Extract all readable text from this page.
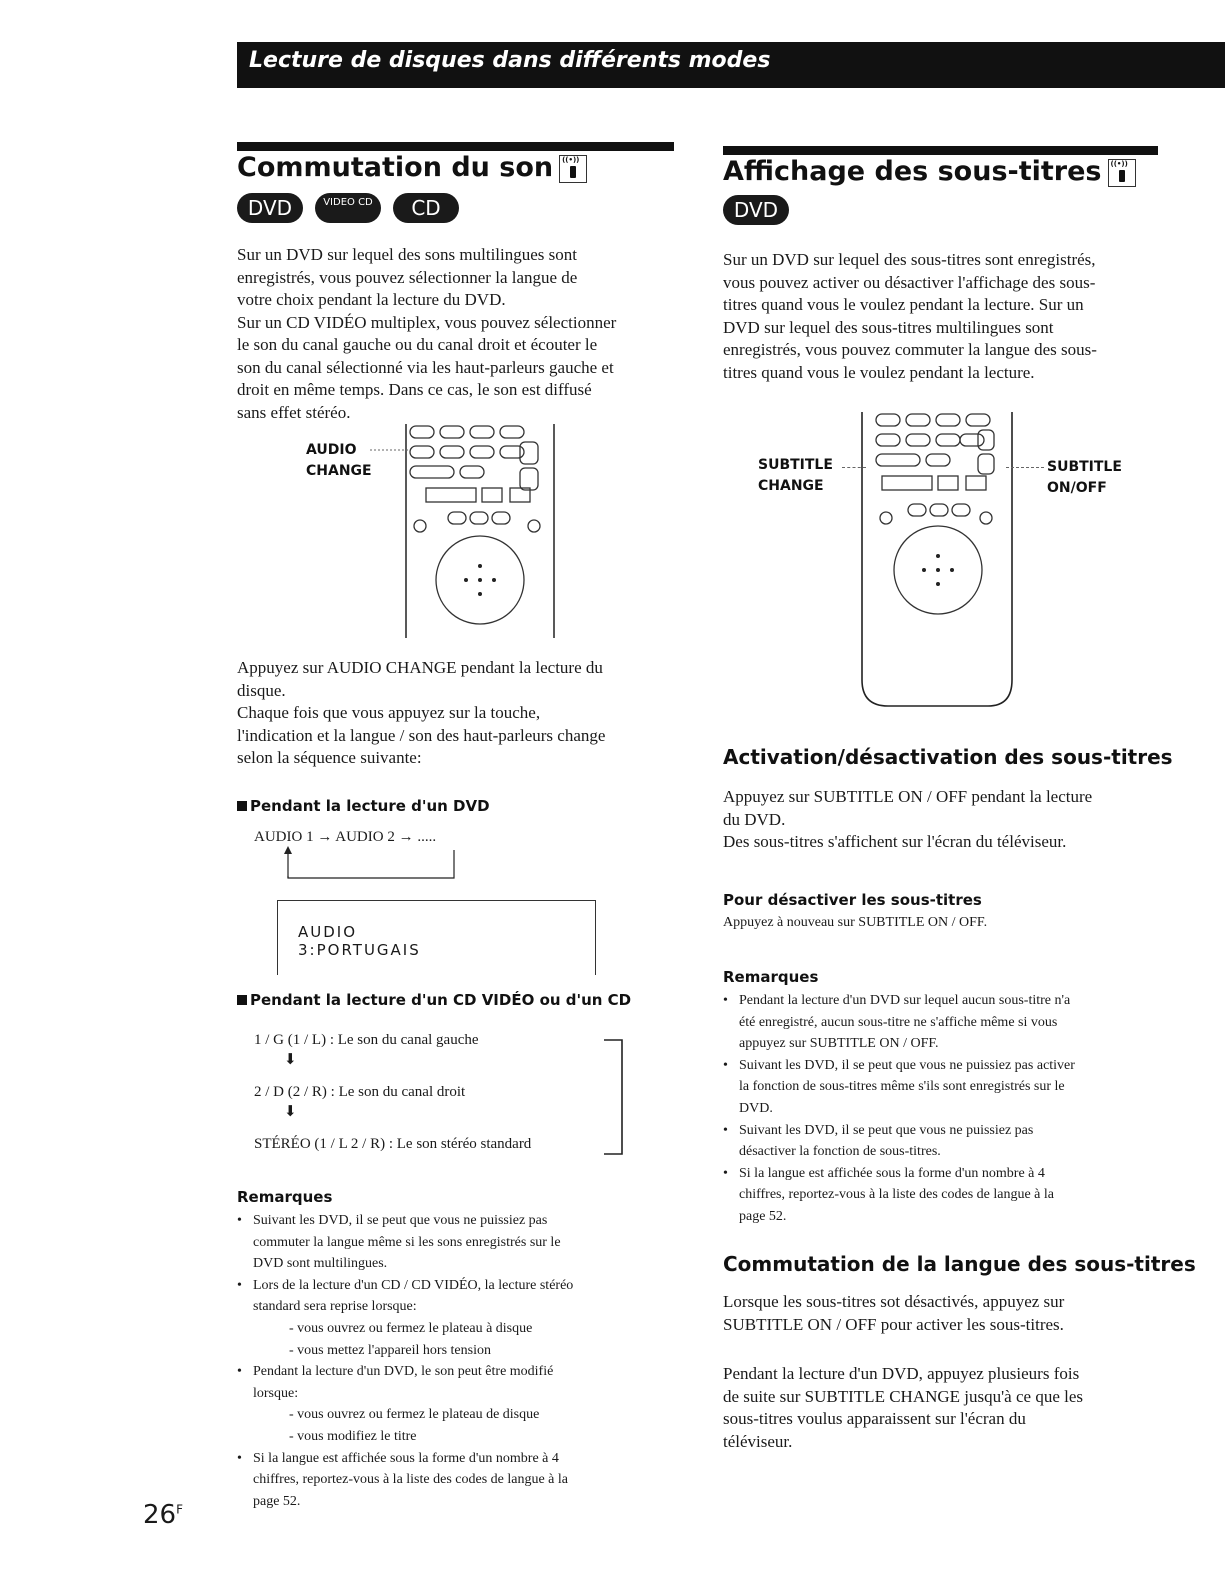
Lecture de disques dans différents modes
Commutation du son((•))
DVD	VIDEO CD CD

Sur un DVD sur lequel des sons multilingues sont

enregistrés, vous pouvez sélectionner la langue de

votre choix pendant la lecture du DVD.

Sur un CD VIDÉO multiplex, vous pouvez sélectionner

le son du canal gauche ou du canal droit et écouter le

son du canal sélectionné via les haut-parleurs gauche et

droit en même temps. Dans ce cas, le son est diffusé

sans effet stéréo.

AUDIO

CHANGE

Appuyez sur AUDIO CHANGE pendant la lecture du

disque.

Chaque fois que vous appuyez sur la touche,

l'indication et la langue / son des haut-parleurs change

selon la séquence suivante:

Pendant la lecture d'un DVD
AUDIO 1 → AUDIO 2 → .....

AUDIO

3:PORTUGAIS

Pendant la lecture d'un CD VIDÉO ou d'un CD

1 / G (1 / L) : Le son du canal gauche

⬇

2 / D (2 / R) : Le son du canal droit

⬇

STÉRÉO (1 / L 2 / R) : Le son stéréo standard

Remarques

• Suivant les DVD, il se peut que vous ne puissiez pas

commuter la langue même si les sons enregistrés sur le

DVD sont multilingues.

• Lors de la lecture d'un CD / CD VIDÉO, la lecture stéréo

standard sera reprise lorsque:

- vous ouvrez ou fermez le plateau à disque

- vous mettez l'appareil hors tension

• Pendant la lecture d'un DVD, le son peut être modifié

lorsque:

- vous ouvrez ou fermez le plateau de disque

- vous modifiez le titre

• Si la langue est affichée sous la forme d'un nombre à 4

chiffres, reportez-vous à la liste des codes de langue à la

page 52.

$26^F$
Affichage des sous-titres((•))
DVD

Sur un DVD sur lequel des sous-titres sont enregistrés,

vous pouvez activer ou désactiver l'affichage des sous-

titres quand vous le voulez pendant la lecture. Sur un

DVD sur lequel des sous-titres multilingues sont

enregistrés, vous pouvez commuter la langue des sous-

titres quand vous le voulez pendant la lecture.

SUBTITLE

CHANGE

SUBTITLE

ON/OFF

Activation/désactivation des sous-titres

Appuyez sur SUBTITLE ON / OFF pendant la lecture

du DVD.

Des sous-titres s'affichent sur l'écran du téléviseur.

Pour désactiver les sous-titres
Appuyez à nouveau sur SUBTITLE ON / OFF.
Remarques

• Pendant la lecture d'un DVD sur lequel aucun sous-titre n'a

été enregistré, aucun sous-titre ne s'affiche même si vous

appuyez sur SUBTITLE ON / OFF.

• Suivant les DVD, il se peut que vous ne puissiez pas activer

la fonction de sous-titres même s'ils sont enregistrés sur le

DVD.

• Suivant les DVD, il se peut que vous ne puissiez pas

désactiver la fonction de sous-titres.

• Si la langue est affichée sous la forme d'un nombre à 4

chiffres, reportez-vous à la liste des codes de langue à la

page 52.

Commutation de la langue des sous-titres

Lorsque les sous-titres sot désactivés, appuyez sur

SUBTITLE ON / OFF pour activer les sous-titres.

Pendant la lecture d'un DVD, appuyez plusieurs fois

de suite sur SUBTITLE CHANGE jusqu'à ce que les

sous-titres voulus apparaissent sur l'écran du

téléviseur.
